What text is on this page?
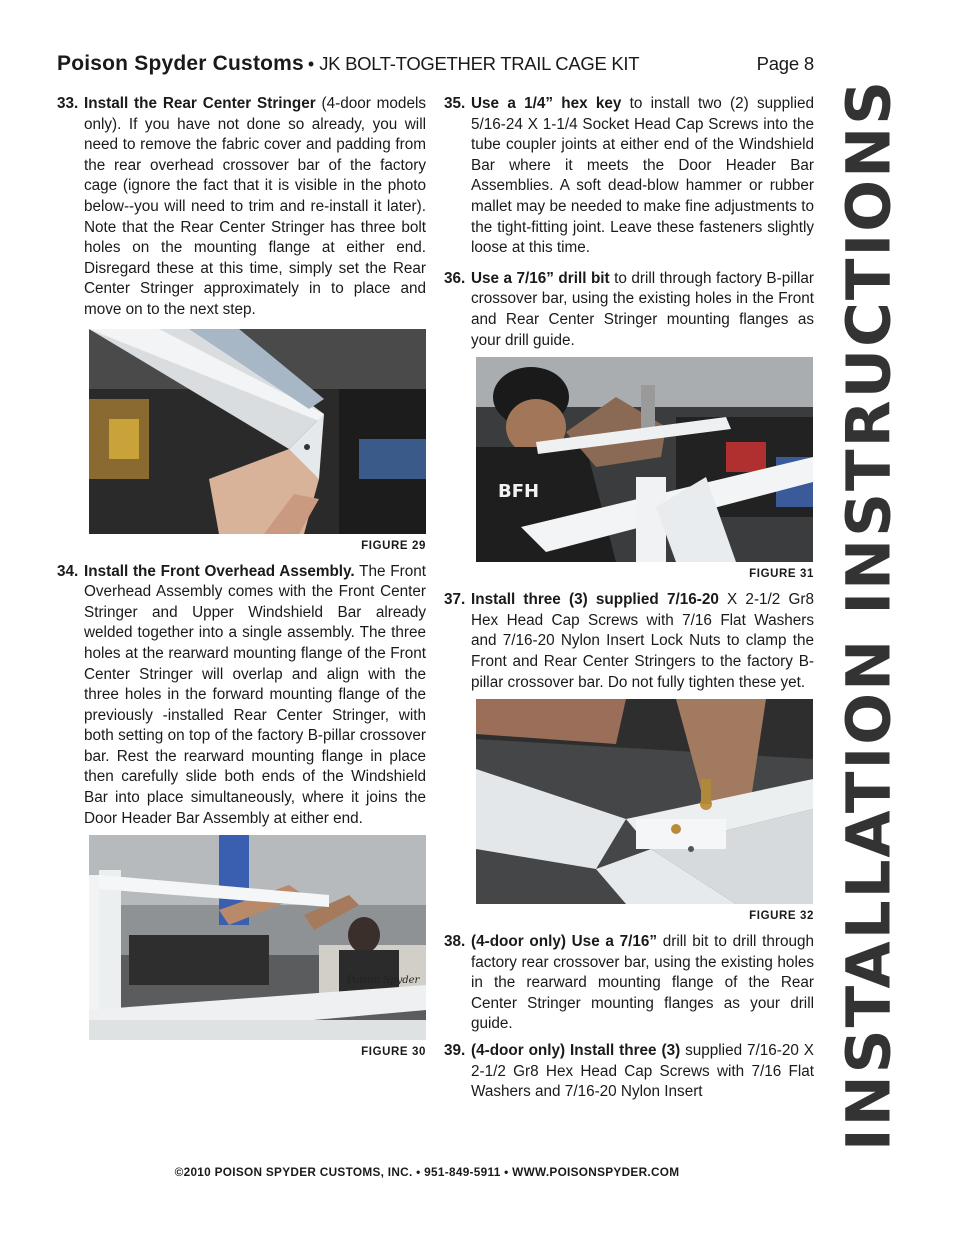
Poison Spyder Customs • JK BOLT-TOGETHER TRAIL CAGE KIT	Page 8
33. Install the Rear Center Stringer (4-door models only). If you have not done so already, you will need to remove the fabric cover and padding from the rear overhead crossover bar of the factory cage (ignore the fact that it is visible in the photo below--you will need to trim and re-install it later). Note that the Rear Center Stringer has three bolt holes on the mounting flange at either end. Disregard these at this time, simply set the Rear Center Stringer approximately in to place and move on to the next step.
FIGURE 29
34. Install the Front Overhead Assembly. The Front Overhead Assembly comes with the Front Center Stringer and Upper Windshield Bar already welded together into a single assembly. The three holes at the rearward mounting flange of the Front Center Stringer will overlap and align with the three holes in the forward mounting flange of the previously -installed Rear Center Stringer, with both setting on top of the factory B-pillar crossover bar. Rest the rearward mounting flange in place then carefully slide both ends of the Windshield Bar into place simultaneously, where it joins the Door Header Bar Assembly at either end.
Poison Spyder
FIGURE 30
35. Use a 1/4” hex key to install two (2) supplied 5/16-24 X 1-1/4 Socket Head Cap Screws into the tube coupler joints at either end of the Windshield Bar where it meets the Door Header Bar Assemblies. A soft dead-blow hammer or rubber mallet may be needed to make fine adjustments to the tight-fitting joint. Leave these fasteners slightly loose at this time.
36. Use a 7/16” drill bit to drill through factory B-pillar crossover bar, using the existing holes in the Front and Rear Center Stringer mounting flanges as your drill guide.
BFH
FIGURE 31
37. Install three (3) supplied 7/16-20 X 2-1/2 Gr8 Hex Head Cap Screws with 7/16 Flat Washers and 7/16-20 Nylon Insert Lock Nuts to clamp the Front and Rear Center Stringers to the factory B-pillar crossover bar. Do not fully tighten these yet.
FIGURE 32
38. (4-door only) Use a 7/16” drill bit to drill through factory rear crossover bar, using the existing holes in the rearward mounting flange of the Rear Center Stringer mounting flanges as your drill guide.
39. (4-door only) Install three (3) supplied 7/16-20 X 2-1/2 Gr8 Hex Head Cap Screws with 7/16 Flat Washers and 7/16-20 Nylon Insert	INSTALLATION INSTRUCTIONS
©2010 POISON SPYDER CUSTOMS, INC. • 951-849-5911 • WWW.POISONSPYDER.COM
